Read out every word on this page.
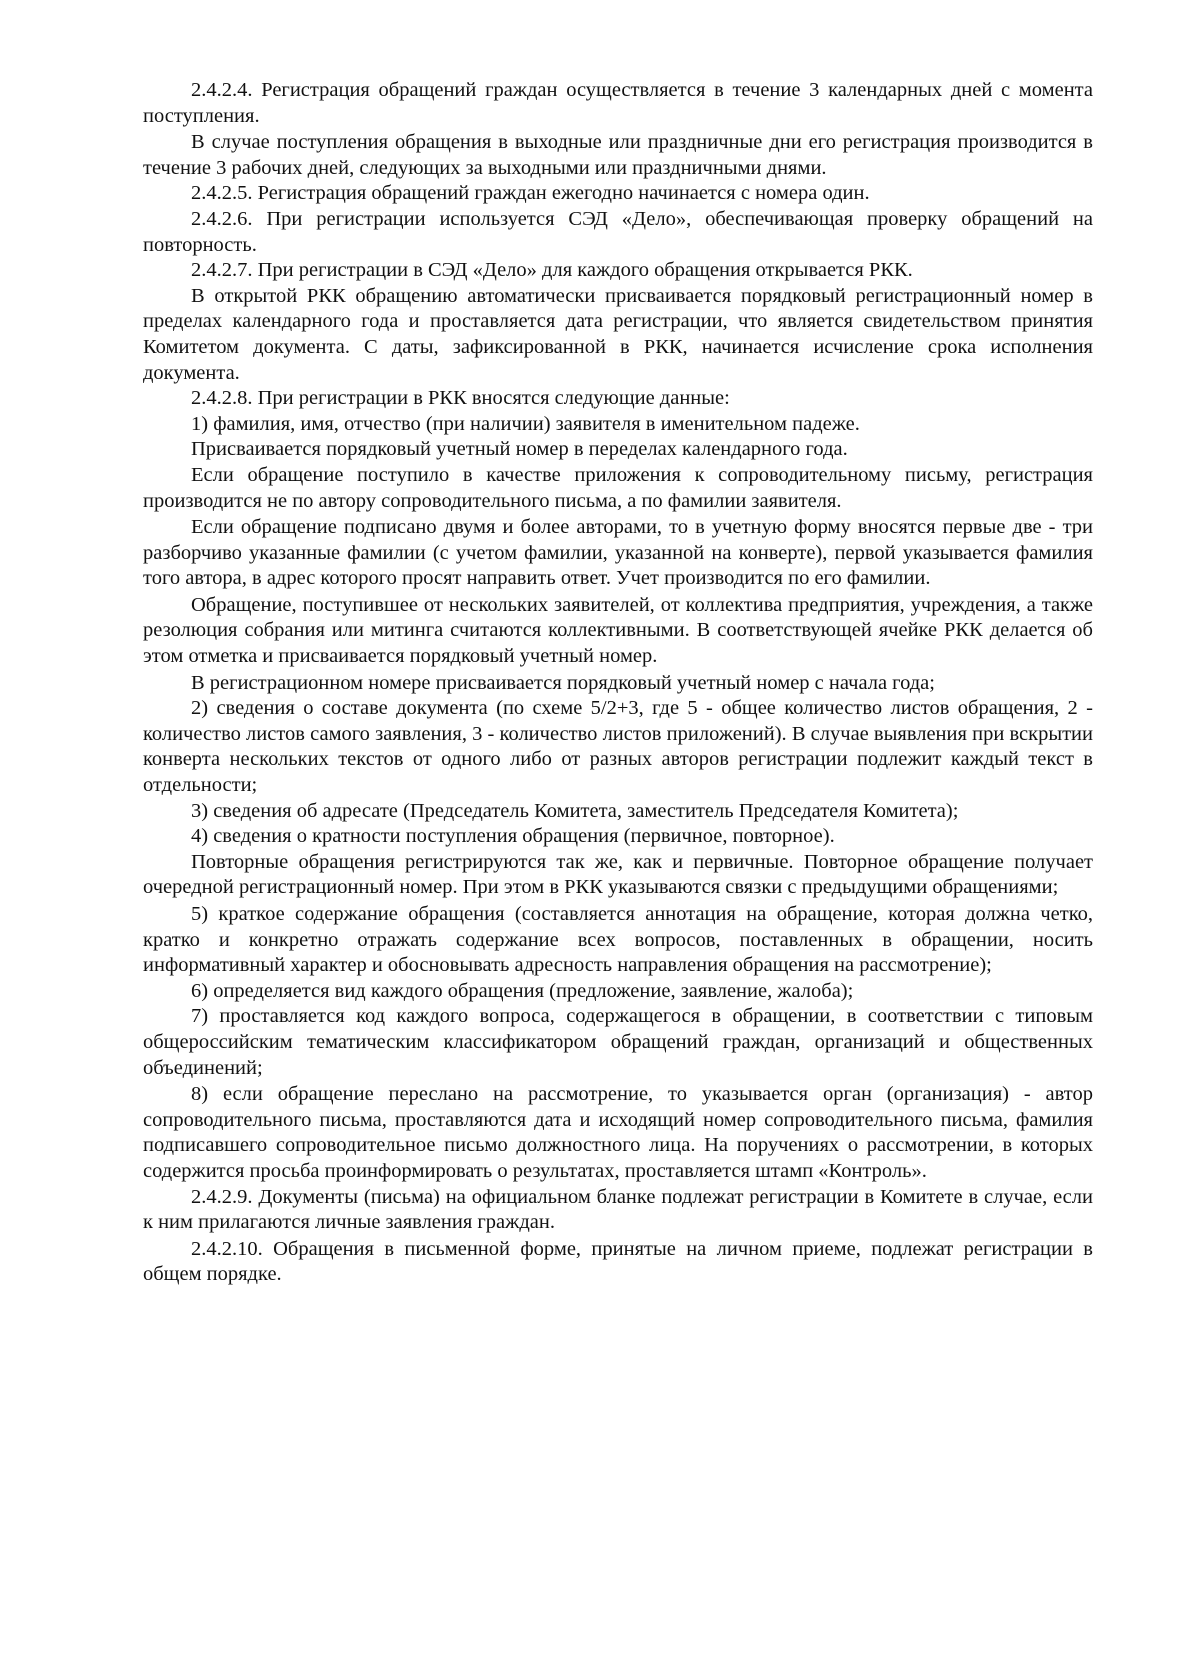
2.4.2.4. Регистрация обращений граждан осуществляется в течение 3 календарных дней с момента поступления.

В случае поступления обращения в выходные или праздничные дни его регистрация производится в течение 3 рабочих дней, следующих за выходными или праздничными днями.

2.4.2.5. Регистрация обращений граждан ежегодно начинается с номера один.

2.4.2.6. При регистрации используется СЭД «Дело», обеспечивающая проверку обращений на повторность.

2.4.2.7. При регистрации в СЭД «Дело» для каждого обращения открывается РКК.

В открытой РКК обращению автоматически присваивается порядковый регистрационный номер в пределах календарного года и проставляется дата регистрации, что является свидетельством принятия Комитетом документа. С даты, зафиксированной в РКК, начинается исчисление срока исполнения документа.

2.4.2.8. При регистрации в РКК вносятся следующие данные:

1) фамилия, имя, отчество (при наличии) заявителя в именительном падеже.

Присваивается порядковый учетный номер в переделах календарного года.

Если обращение поступило в качестве приложения к сопроводительному письму, регистрация производится не по автору сопроводительного письма, а по фамилии заявителя.

Если обращение подписано двумя и более авторами, то в учетную форму вносятся первые две - три разборчиво указанные фамилии (с учетом фамилии, указанной на конверте), первой указывается фамилия того автора, в адрес которого просят направить ответ. Учет производится по его фамилии.

Обращение, поступившее от нескольких заявителей, от коллектива предприятия, учреждения, а также резолюция собрания или митинга считаются коллективными. В соответствующей ячейке РКК делается об этом отметка и присваивается порядковый учетный номер.

В регистрационном номере присваивается порядковый учетный номер с начала года;

2) сведения о составе документа (по схеме 5/2+3, где 5 - общее количество листов обращения, 2 - количество листов самого заявления, 3 - количество листов приложений). В случае выявления при вскрытии конверта нескольких текстов от одного либо от разных авторов регистрации подлежит каждый текст в отдельности;

3) сведения об адресате (Председатель Комитета, заместитель Председателя Комитета);

4) сведения о кратности поступления обращения (первичное, повторное).

Повторные обращения регистрируются так же, как и первичные. Повторное обращение получает очередной регистрационный номер. При этом в РКК указываются связки с предыдущими обращениями;

5) краткое содержание обращения (составляется аннотация на обращение, которая должна четко, кратко и конкретно отражать содержание всех вопросов, поставленных в обращении, носить информативный характер и обосновывать адресность направления обращения на рассмотрение);

6) определяется вид каждого обращения (предложение, заявление, жалоба);

7) проставляется код каждого вопроса, содержащегося в обращении, в соответствии с типовым общероссийским тематическим классификатором обращений граждан, организаций и общественных объединений;

8) если обращение переслано на рассмотрение, то указывается орган (организация) - автор сопроводительного письма, проставляются дата и исходящий номер сопроводительного письма, фамилия подписавшего сопроводительное письмо должностного лица. На поручениях о рассмотрении, в которых содержится просьба проинформировать о результатах, проставляется штамп «Контроль».

2.4.2.9. Документы (письма) на официальном бланке подлежат регистрации в Комитете в случае, если к ним прилагаются личные заявления граждан.

2.4.2.10. Обращения в письменной форме, принятые на личном приеме, подлежат регистрации в общем порядке.
